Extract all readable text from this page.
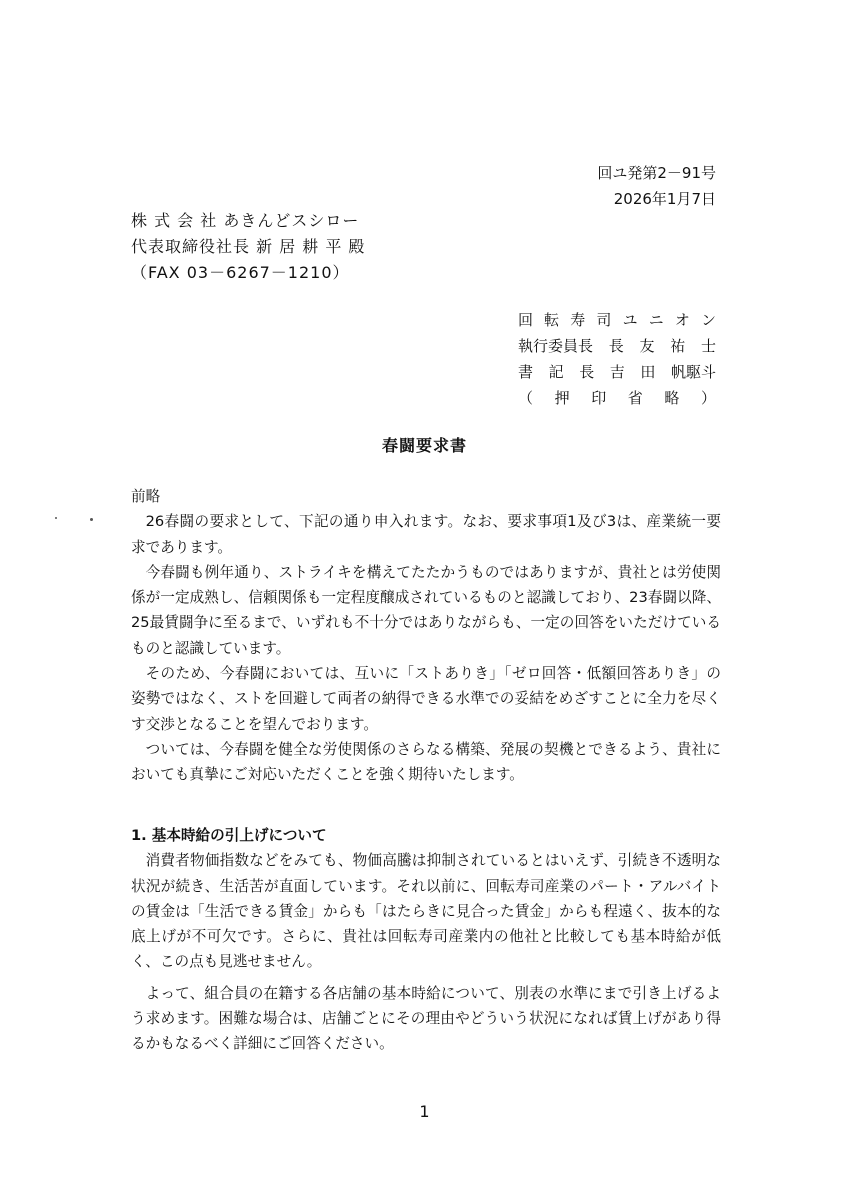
回ユ発第2－91号
2026年1月7日
株 式 会 社 あきんどスシロー
代表取締役社長 新 居 耕 平 殿
（FAX 03－6267－1210）
回 転 寿 司 ユ ニ オ ン
執行委員長 長 友 祐 士
書 記 長 吉 田 帆駆斗
（ 押 印 省 略 ）
春闘要求書

前略

26春闘の要求として、下記の通り申入れます。なお、要求事項1及び3は、産業統一要求であります。

今春闘も例年通り、ストライキを構えてたたかうものではありますが、貴社とは労使関係が一定成熟し、信頼関係も一定程度醸成されているものと認識しており、23春闘以降、25最賃闘争に至るまで、いずれも不十分ではありながらも、一定の回答をいただけているものと認識しています。

そのため、今春闘においては、互いに「ストありき」「ゼロ回答・低額回答ありき」の姿勢ではなく、ストを回避して両者の納得できる水準での妥結をめざすことに全力を尽くす交渉となることを望んでおります。

ついては、今春闘を健全な労使関係のさらなる構築、発展の契機とできるよう、貴社においても真摯にご対応いただくことを強く期待いたします。

1. 基本時給の引上げについて

消費者物価指数などをみても、物価高騰は抑制されているとはいえず、引続き不透明な状況が続き、生活苦が直面しています。それ以前に、回転寿司産業のパート・アルバイトの賃金は「生活できる賃金」からも「はたらきに見合った賃金」からも程遠く、抜本的な底上げが不可欠です。さらに、貴社は回転寿司産業内の他社と比較しても基本時給が低く、この点も見逃せません。

よって、組合員の在籍する各店舗の基本時給について、別表の水準にまで引き上げるよう求めます。困難な場合は、店舗ごとにその理由やどういう状況になれば賃上げがあり得るかもなるべく詳細にご回答ください。

1
